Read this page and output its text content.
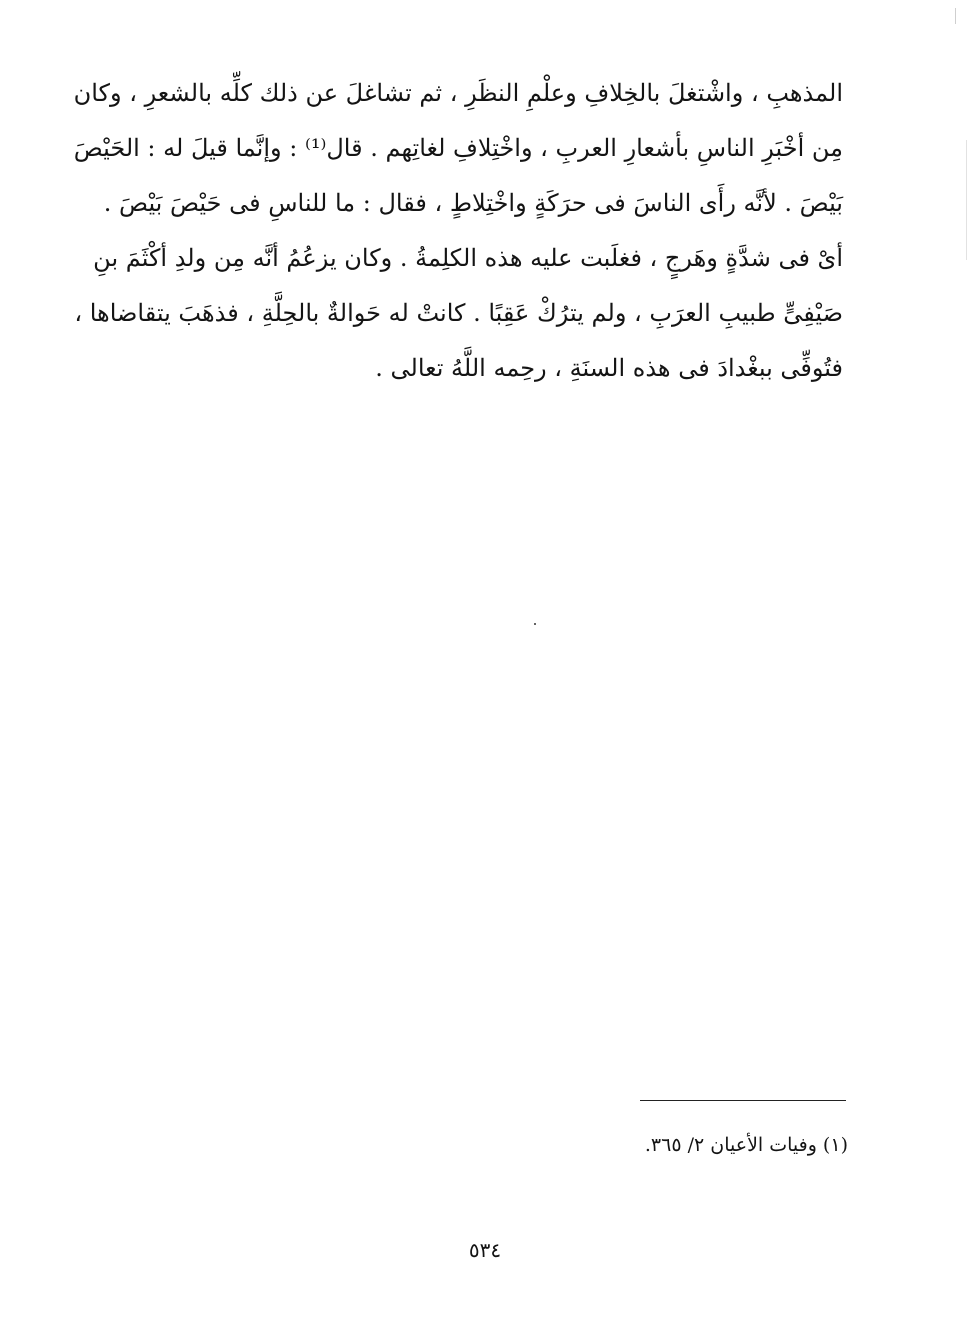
المذهبِ ، واشْتغلَ بالخِلافِ وعلْمِ النظَرِ ، ثم تشاغلَ عن ذلك كلِّه بالشعرِ ، وكان
مِن أخْبَرِ الناسِ بأشعارِ العربِ ، واخْتِلافِ لغاتِهم . قال⁽¹⁾ : وإنَّما قيلَ له : الحَيْصَ
بَيْصَ . لأنَّه رأَى الناسَ فى حرَكَةٍ واخْتِلاطٍ ، فقال : ما للناسِ فى حَيْصَ بَيْصَ .
أىْ فى شدَّةٍ وهَرجٍ ، فغلَبت عليه هذه الكلِمةُ . وكان يزعُمُ أنَّه مِن ولدِ أكْثَمَ بنِ
صَيْفِىٍّ طبيبِ العرَبِ ، ولم يترُكْ عَقِبًا . كانتْ له حَوالةٌ بالحِلَّةِ ، فذهَبَ يتقاضاها ،
فتُوفِّى ببغْدادَ فى هذه السنَةِ ، رحِمه اللَّهُ تعالى .
(١) وفيات الأعيان ٢/ ٣٦٥.
٥٣٤
